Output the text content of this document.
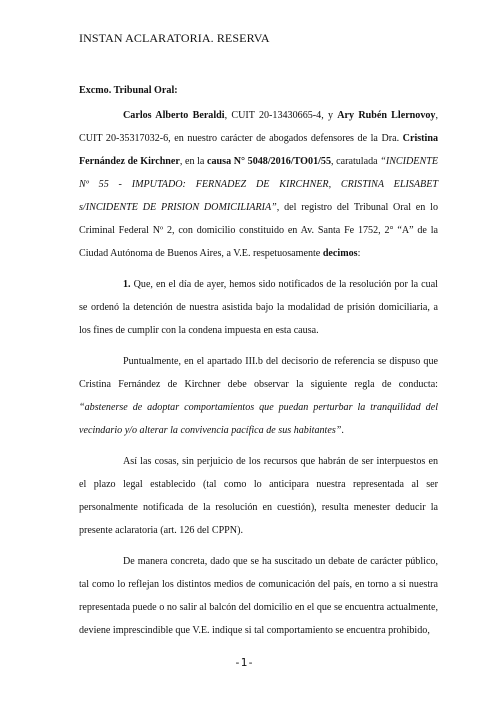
INSTAN ACLARATORIA. RESERVA

Excmo. Tribunal Oral:

Carlos Alberto Beraldi, CUIT 20-13430665-4, y Ary Rubén Llernovoy, CUIT 20-35317032-6, en nuestro carácter de abogados defensores de la Dra. Cristina Fernández de Kirchner, en la causa N° 5048/2016/TO01/55, caratulada “INCIDENTE Nº 55 - IMPUTADO: FERNADEZ DE KIRCHNER, CRISTINA ELISABET s/INCIDENTE DE PRISION DOMICILIARIA”, del registro del Tribunal Oral en lo Criminal Federal Nº 2, con domicilio constituido en Av. Santa Fe 1752, 2° “A” de la Ciudad Autónoma de Buenos Aires, a V.E. respetuosamente decimos:

1. Que, en el día de ayer, hemos sido notificados de la resolución por la cual se ordenó la detención de nuestra asistida bajo la modalidad de prisión domiciliaria, a los fines de cumplir con la condena impuesta en esta causa.

Puntualmente, en el apartado III.b del decisorio de referencia se dispuso que Cristina Fernández de Kirchner debe observar la siguiente regla de conducta: “abstenerse de adoptar comportamientos que puedan perturbar la tranquilidad del vecindario y/o alterar la convivencia pacífica de sus habitantes”.

Así las cosas, sin perjuicio de los recursos que habrán de ser interpuestos en el plazo legal establecido (tal como lo anticipara nuestra representada al ser personalmente notificada de la resolución en cuestión), resulta menester deducir la presente aclaratoria (art. 126 del CPPN).

De manera concreta, dado que se ha suscitado un debate de carácter público, tal como lo reflejan los distintos medios de comunicación del país, en torno a si nuestra representada puede o no salir al balcón del domicilio en el que se encuentra actualmente, deviene imprescindible que V.E. indique si tal comportamiento se encuentra prohibido,

-1-
